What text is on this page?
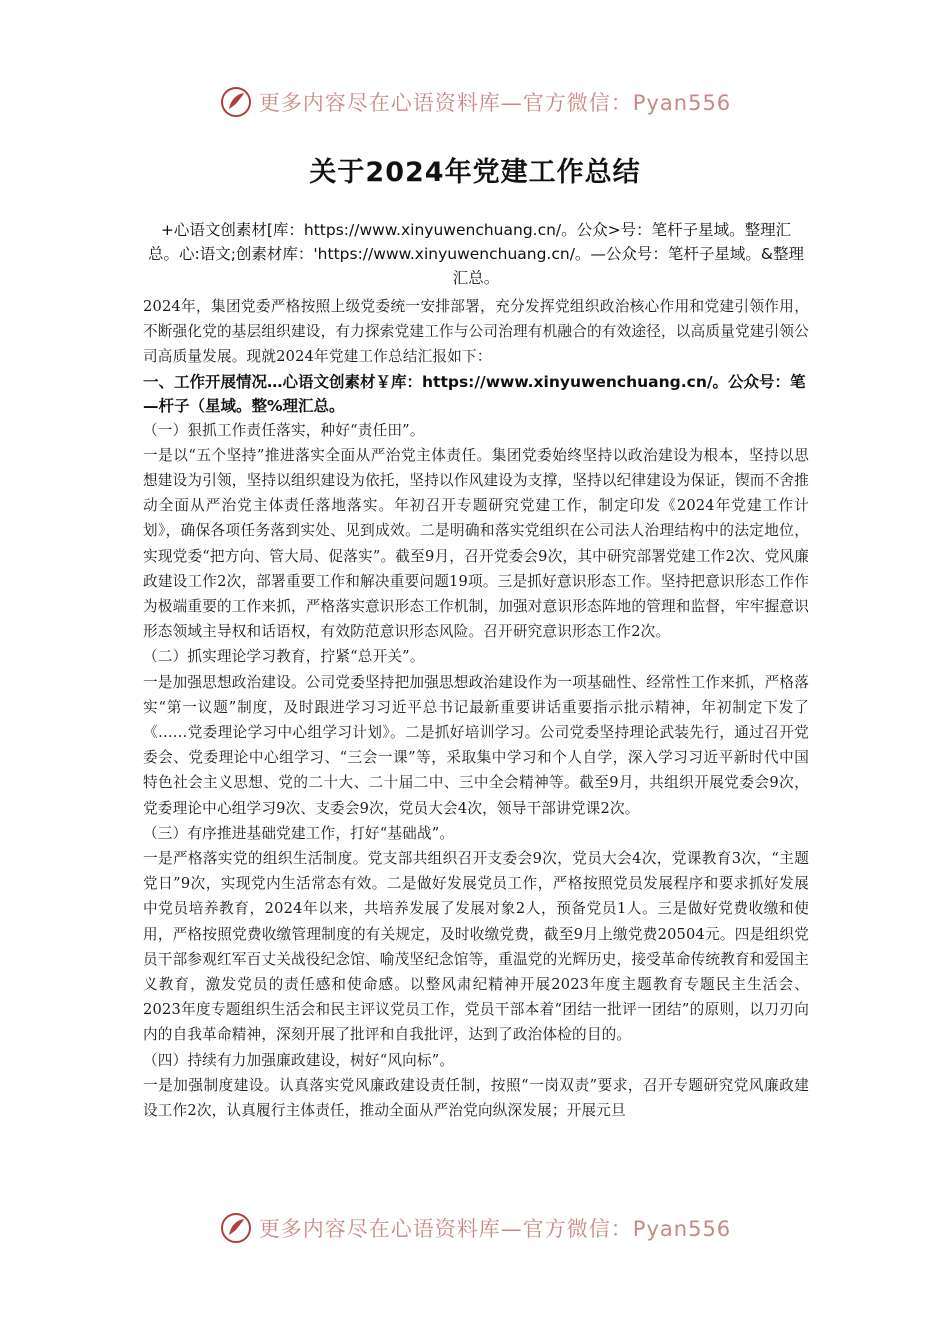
更多内容尽在心语资料库—官方微信：Pyan556
关于2024年党建工作总结

+心语文创素材[库：https://www.xinyuwenchuang.cn/。公众>号：笔杆子星域。整理汇总。心:语文;创素材库：'https://www.xinyuwenchuang.cn/。—公众号：笔杆子星域。&整理汇总。

2024年，集团党委严格按照上级党委统一安排部署，充分发挥党组织政治核心作用和党建引领作用，不断强化党的基层组织建设，有力探索党建工作与公司治理有机融合的有效途径，以高质量党建引领公司高质量发展。现就2024年党建工作总结汇报如下：

一、工作开展情况…心语文创素材￥库：https://www.xinyuwenchuang.cn/。公众号：笔—杆子（星域。整%理汇总。

（一）狠抓工作责任落实，种好“责任田”。

一是以“五个坚持”推进落实全面从严治党主体责任。集团党委始终坚持以政治建设为根本，坚持以思想建设为引领，坚持以组织建设为依托，坚持以作风建设为支撑，坚持以纪律建设为保证，锲而不舍推动全面从严治党主体责任落地落实。年初召开专题研究党建工作，制定印发《2024年党建工作计划》，确保各项任务落到实处、见到成效。二是明确和落实党组织在公司法人治理结构中的法定地位，实现党委“把方向、管大局、促落实”。截至9月，召开党委会9次，其中研究部署党建工作2次、党风廉政建设工作2次，部署重要工作和解决重要问题19项。三是抓好意识形态工作。坚持把意识形态工作作为极端重要的工作来抓，严格落实意识形态工作机制，加强对意识形态阵地的管理和监督，牢牢握意识形态领域主导权和话语权，有效防范意识形态风险。召开研究意识形态工作2次。

（二）抓实理论学习教育，拧紧“总开关”。

一是加强思想政治建设。公司党委坚持把加强思想政治建设作为一项基础性、经常性工作来抓，严格落实“第一议题”制度，及时跟进学习习近平总书记最新重要讲话重要指示批示精神，年初制定下发了《……党委理论学习中心组学习计划》。二是抓好培训学习。公司党委坚持理论武装先行，通过召开党委会、党委理论中心组学习、“三会一课”等，采取集中学习和个人自学，深入学习习近平新时代中国特色社会主义思想、党的二十大、二十届二中、三中全会精神等。截至9月，共组织开展党委会9次，党委理论中心组学习9次、支委会9次，党员大会4次，领导干部讲党课2次。

（三）有序推进基础党建工作，打好“基础战”。

一是严格落实党的组织生活制度。党支部共组织召开支委会9次，党员大会4次，党课教育3次，“主题党日”9次，实现党内生活常态有效。二是做好发展党员工作，严格按照党员发展程序和要求抓好发展中党员培养教育，2024年以来，共培养发展了发展对象2人，预备党员1人。三是做好党费收缴和使用，严格按照党费收缴管理制度的有关规定，及时收缴党费，截至9月上缴党费20504元。四是组织党员干部参观红军百丈关战役纪念馆、喻茂坚纪念馆等，重温党的光辉历史，接受革命传统教育和爱国主义教育，激发党员的责任感和使命感。以整风肃纪精神开展2023年度主题教育专题民主生活会、2023年度专题组织生活会和民主评议党员工作，党员干部本着“团结一批评一团结”的原则，以刀刃向内的自我革命精神，深刻开展了批评和自我批评，达到了政治体检的目的。

（四）持续有力加强廉政建设，树好“风向标”。

一是加强制度建设。认真落实党风廉政建设责任制，按照“一岗双责”要求，召开专题研究党风廉政建设工作2次，认真履行主体责任，推动全面从严治党向纵深发展；开展元旦

更多内容尽在心语资料库—官方微信：Pyan556
